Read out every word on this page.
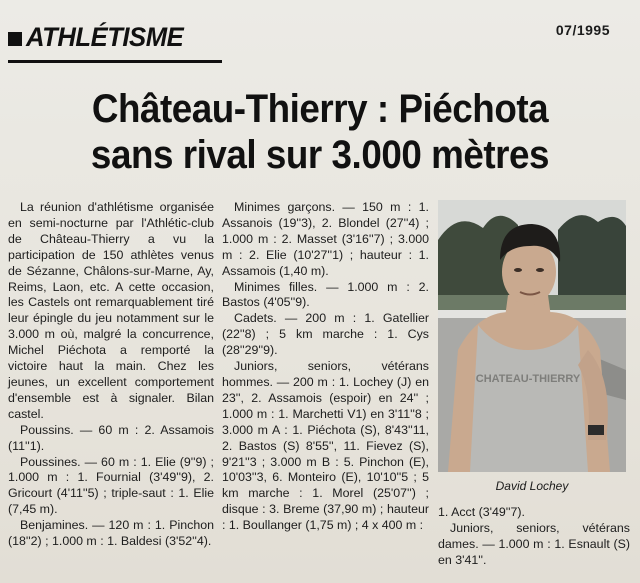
ATHLÉTISME	07/1995
Château-Thierry : Piéchota
sans rival sur 3.000 mètres

La réunion d'athlétisme organisée en semi-nocturne par l'Athlétic-club de Château-Thierry a vu la participation de 150 athlètes venus de Sézanne, Châlons-sur-Marne, Ay, Reims, Laon, etc. A cette occasion, les Castels ont remarquablement tiré leur épingle du jeu notamment sur le 3.000 m où, malgré la concurrence, Michel Piéchota a remporté la victoire haut la main. Chez les jeunes, un excellent comportement d'ensemble est à signaler. Bilan castel.

Poussins. — 60 m : 2. Assamois (11''1).

Poussines. — 60 m : 1. Elie (9''9) ; 1.000 m : 1. Fournial (3'49''9), 2. Gricourt (4'11''5) ; triple-saut : 1. Elie (7,45 m).

Benjamines. — 120 m : 1. Pinchon (18''2) ; 1.000 m : 1. Baldesi (3'52''4).

Minimes garçons. — 150 m : 1. Assanois (19''3), 2. Blondel (27''4) ; 1.000 m : 2. Masset (3'16''7) ; 3.000 m : 2. Elie (10'27''1) ; hauteur : 1. Assamois (1,40 m).

Minimes filles. — 1.000 m : 2. Bastos (4'05''9).

Cadets. — 200 m : 1. Gatellier (22''8) ; 5 km marche : 1. Cys (28''29''9).

Juniors, seniors, vétérans hommes. — 200 m : 1. Lochey (J) en 23'', 2. Assamois (espoir) en 24'' ; 1.000 m : 1. Marchetti V1) en 3'11''8 ; 3.000 m A : 1. Piéchota (S), 8'43''11, 2. Bastos (S) 8'55'', 11. Fievez (S), 9'21''3 ; 3.000 m B : 5. Pinchon (E), 10'03''3, 6. Monteiro (E), 10'10''5 ; 5 km marche : 1. Morel (25'07'') ; disque : 3. Breme (37,90 m) ; hauteur : 1. Boullanger (1,75 m) ; 4 x 400 m :

CHATEAU-THIERRY
David Lochey

1. Acct (3'49''7).

Juniors, seniors, vétérans dames. — 1.000 m : 1. Esnault (S) en 3'41''.
